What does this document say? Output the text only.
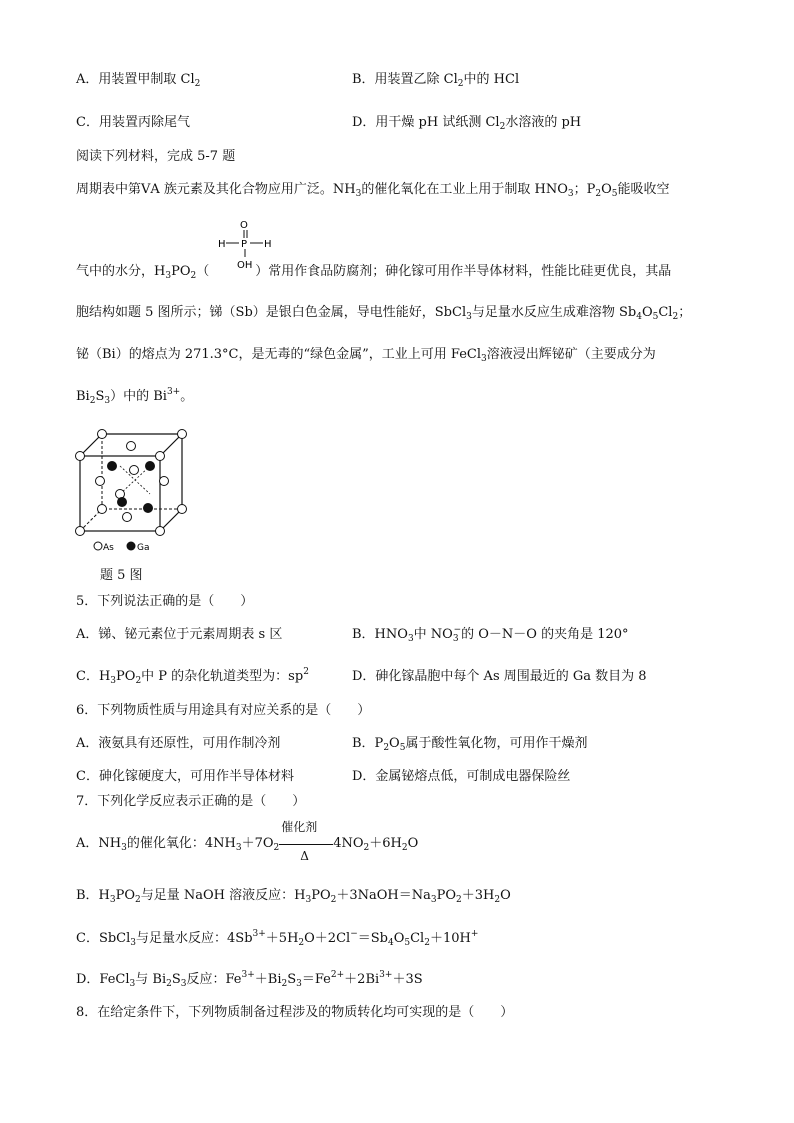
A．用装置甲制取 $Cl_2$	B．用装置乙除 $Cl_2$中的 HCl
C．用装置丙除尾气	D．用干燥 pH 试纸测 $Cl_2$水溶液的 pH
阅读下列材料，完成 5-7 题
周期表中第ⅤA 族元素及其化合物应用广泛。$NH_3$的催化氧化在工业上用于制取 $HNO_3$；$P_2O_5$能吸收空
O
H P H
OH
气中的水分，$H_3PO_2$（	）常用作食品防腐剂；砷化镓可用作半导体材料，性能比硅更优良，其晶
胞结构如题 5 图所示；锑（Sb）是银白色金属，导电性能好，SbCl$_3$与足量水反应生成难溶物 $Sb_4O_5Cl_2$；
铋（Bi）的熔点为 271.3°C，是无毒的“绿色金属”，工业上可用 FeCl$_3$溶液浸出辉铋矿（主要成分为
$Bi_2S_3$）中的 $Bi^{3+}$。
As	Ga
题 5 图
5．下列说法正确的是（　　）
A．锑、铋元素位于元素周期表 s 区	B．$HNO_3$中 $NO_3^-$的 O－N－O 的夹角是 120°
C．$H_3PO_2$中 P 的杂化轨道类型为：$sp^2$	D．砷化镓晶胞中每个 As 周围最近的 Ga 数目为 8
6．下列物质性质与用途具有对应关系的是（　　）
A．液氨具有还原性，可用作制冷剂	B．$P_2O_5$属于酸性氧化物，可用作干燥剂
C．砷化镓硬度大，可用作半导体材料	D．金属铋熔点低，可制成电器保险丝
7．下列化学反应表示正确的是（　　）
A．$NH_3$的催化氧化：$4NH_3+7O_2$
催化剂
Δ
$4NO_2+6H_2O$
B．$H_3PO_2$与足量 NaOH 溶液反应：$H_3PO_2+3NaOH=Na_3PO_2+3H_2O$
C．SbCl$_3$与足量水反应：$4Sb^{3+}+5H_2O+2Cl^-=Sb_4O_5Cl_2+10H^+$
D．FeCl$_3$与 $Bi_2S_3$反应：$Fe^{3+}+Bi_2S_3=Fe^{2+}+2Bi^{3+}+3S$
8．在给定条件下，下列物质制备过程涉及的物质转化均可实现的是（　　）
